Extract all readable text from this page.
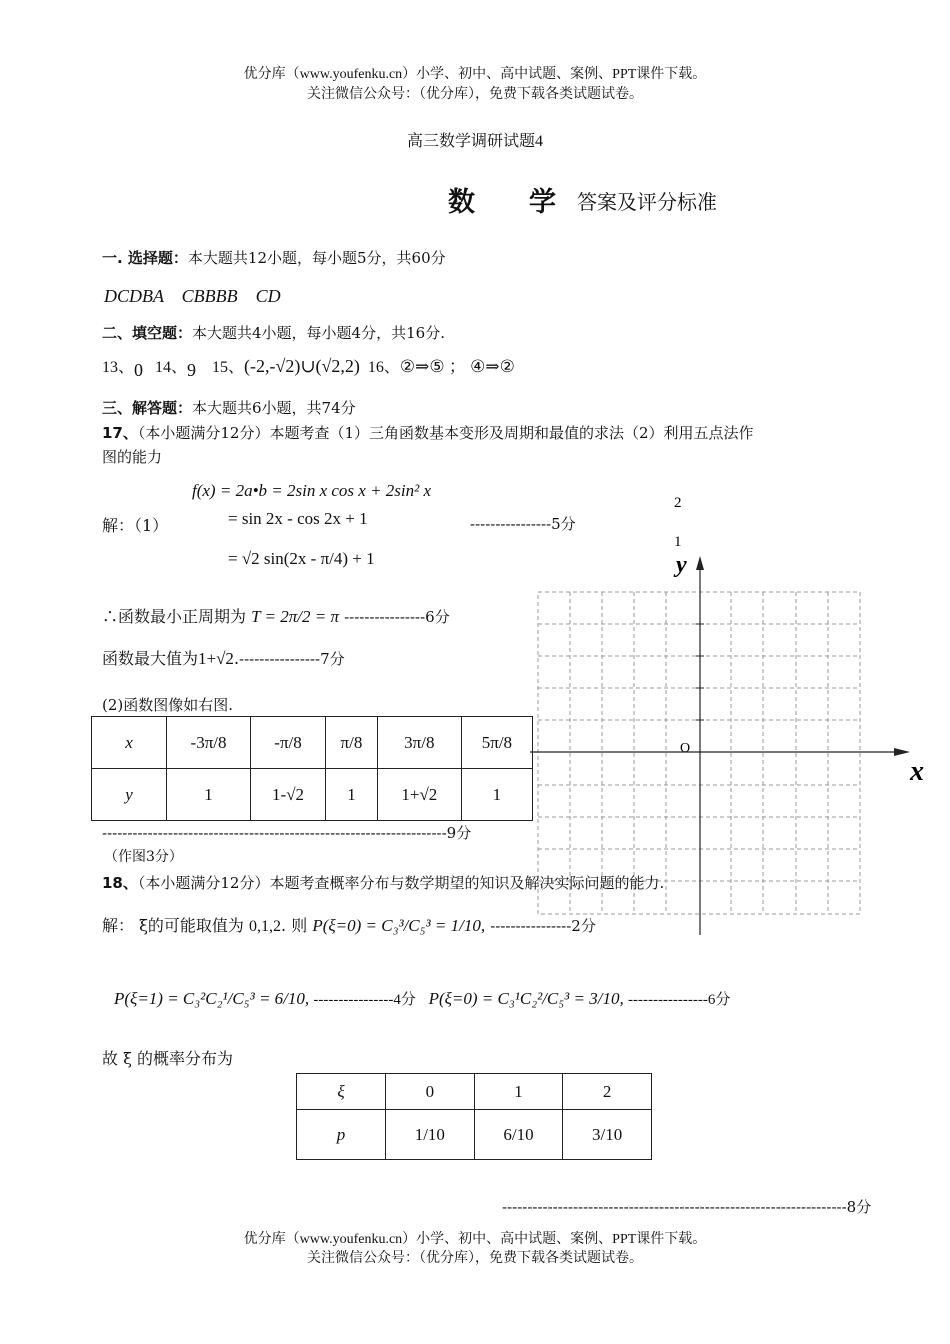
优分库（www.youfenku.cn）小学、初中、高中试题、案例、PPT课件下载。
关注微信公众号：（优分库），免费下载各类试题试卷。
高三数学调研试题4
数　　学 答案及评分标准
一. 选择题：本大题共12小题，每小题5分，共60分
DCDBA　CBBBB　CD
二、填空题：本大题共4小题，每小题4分，共16分.
13、0 14、9 15、(-2,-√2)∪(√2,2) 16、②⇒⑤ ； ④⇒②
三、解答题：本大题共6小题，共74分
17、（本小题满分12分）本题考查（1）三角函数基本变形及周期和最值的求法（2）利用五点法作
图的能力
f(x) = 2a•b = 2sin x cos x + 2sin² x
解：（1）	= sin 2x - cos 2x + 1	----------------5分
= √2 sin(2x - π/4) + 1
∴函数最小正周期为 T = 2π/2 = π ----------------6分
函数最大值为1+√2.----------------7分
(2)函数图像如右图.
x	-3π/8	-π/8	π/8	3π/8	5π/8
y	1	1-√2	1	1+√2	1
--------------------------------------------------------------------9分
（作图3分）
2
1
y
x
O
18、（本小题满分12分）本题考查概率分布与数学期望的知识及解决实际问题的能力.
解： ξ的可能取值为 0,1,2. 则 P(ξ=0) = C₃³/C₅³ = 1/10, ----------------2分
P(ξ=1) = C₃²C₂¹/C₅³ = 6/10, ----------------4分 P(ξ=0) = C₃¹C₂²/C₅³ = 3/10, ----------------6分
故 ξ 的概率分布为
ξ	0	1	2
p	1/10	6/10	3/10
--------------------------------------------------------------------8分
优分库（www.youfenku.cn）小学、初中、高中试题、案例、PPT课件下载。
关注微信公众号：（优分库），免费下载各类试题试卷。
